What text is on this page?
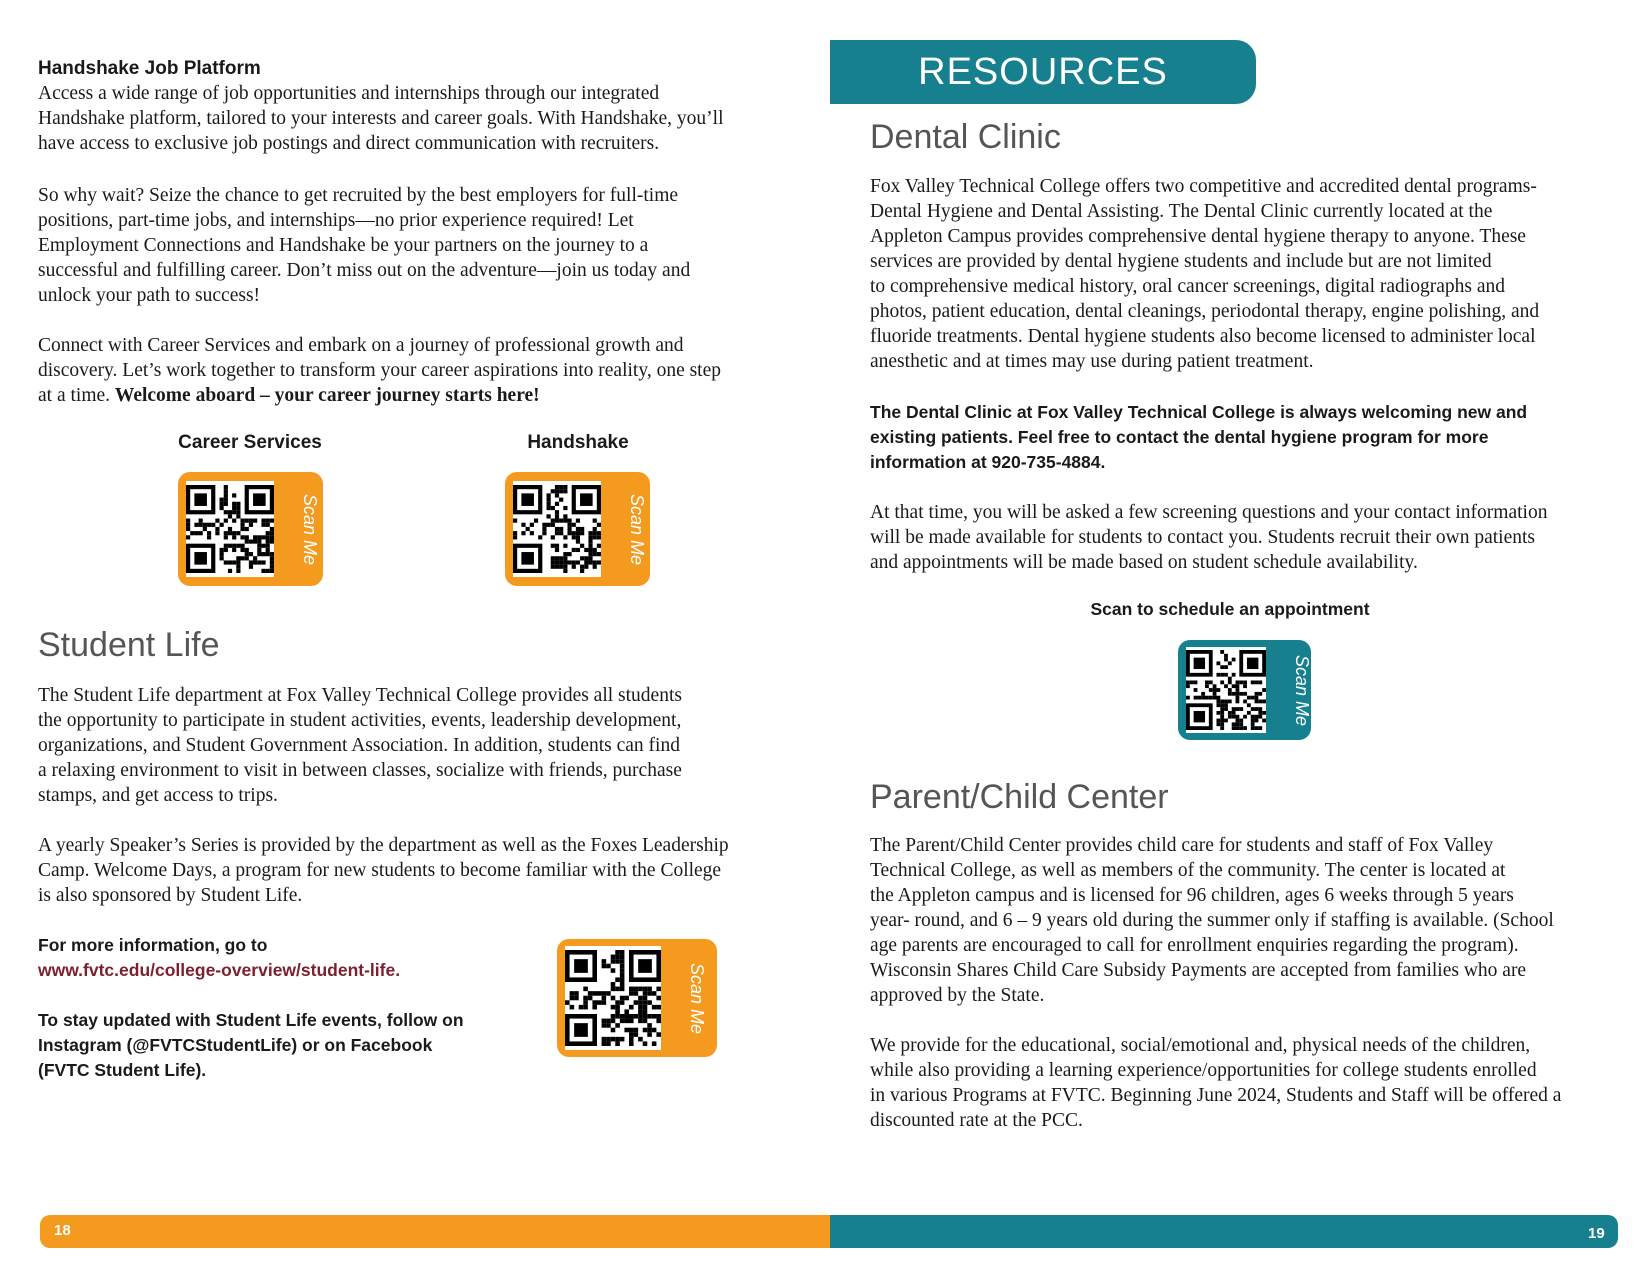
Handshake Job Platform

Access a wide range of job opportunities and internships through our integrated

Handshake platform, tailored to your interests and career goals. With Handshake, you’ll

have access to exclusive job postings and direct communication with recruiters.

So why wait? Seize the chance to get recruited by the best employers for full-time

positions, part-time jobs, and internships—no prior experience required! Let

Employment Connections and Handshake be your partners on the journey to a

successful and fulfilling career. Don’t miss out on the adventure—join us today and

unlock your path to success!

Connect with Career Services and embark on a journey of professional growth and

discovery. Let’s work together to transform your career aspirations into reality, one step

at a time. Welcome aboard – your career journey starts here!

Career Services	Handshake
Scan Me	Scan Me
Student Life

The Student Life department at Fox Valley Technical College provides all students

the opportunity to participate in student activities, events, leadership development,

organizations, and Student Government Association. In addition, students can find

a relaxing environment to visit in between classes, socialize with friends, purchase

stamps, and get access to trips.

A yearly Speaker’s Series is provided by the department as well as the Foxes Leadership

Camp. Welcome Days, a program for new students to become familiar with the College

is also sponsored by Student Life.

For more information, go to
www.fvtc.edu/college-overview/student-life.
To stay updated with Student Life events, follow on
Instagram (@FVTCStudentLife) or on Facebook
(FVTC Student Life).
Scan Me
RESOURCES
Dental Clinic

Fox Valley Technical College offers two competitive and accredited dental programs-

Dental Hygiene and Dental Assisting. The Dental Clinic currently located at the

Appleton Campus provides comprehensive dental hygiene therapy to anyone. These

services are provided by dental hygiene students and include but are not limited

to comprehensive medical history, oral cancer screenings, digital radiographs and

photos, patient education, dental cleanings, periodontal therapy, engine polishing, and

fluoride treatments. Dental hygiene students also become licensed to administer local

anesthetic and at times may use during patient treatment.

The Dental Clinic at Fox Valley Technical College is always welcoming new and
existing patients. Feel free to contact the dental hygiene program for more
information at 920-735-4884.

At that time, you will be asked a few screening questions and your contact information

will be made available for students to contact you. Students recruit their own patients

and appointments will be made based on student schedule availability.

Scan to schedule an appointment
Scan Me
Parent/Child Center

The Parent/Child Center provides child care for students and staff of Fox Valley

Technical College, as well as members of the community. The center is located at

the Appleton campus and is licensed for 96 children, ages 6 weeks through 5 years

year- round, and 6 – 9 years old during the summer only if staffing is available. (School

age parents are encouraged to call for enrollment enquiries regarding the program).

Wisconsin Shares Child Care Subsidy Payments are accepted from families who are

approved by the State.

We provide for the educational, social/emotional and, physical needs of the children,

while also providing a learning experience/opportunities for college students enrolled

in various Programs at FVTC. Beginning June 2024, Students and Staff will be offered a

discounted rate at the PCC.

18	19
